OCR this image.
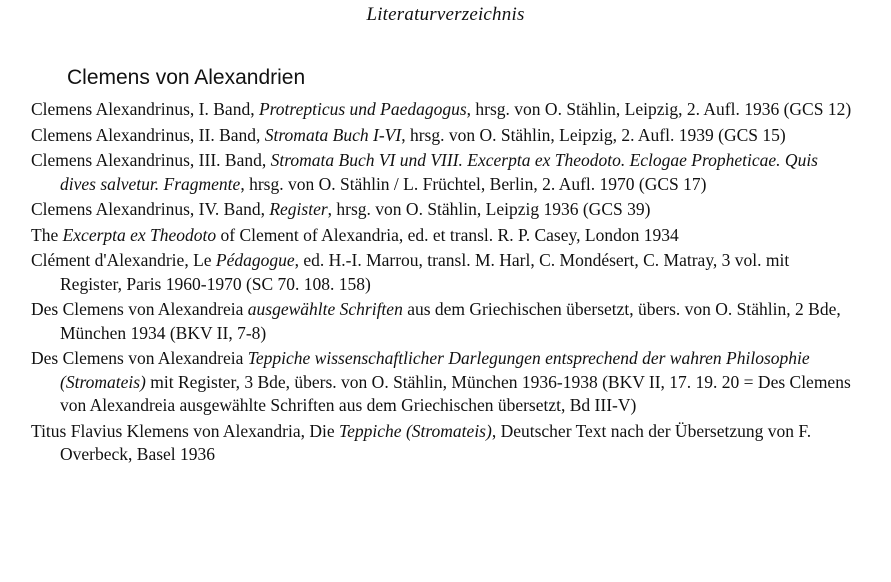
Literaturverzeichnis
Clemens von Alexandrien
Clemens Alexandrinus, I. Band, Protrepticus und Paedagogus, hrsg. von O. Stählin, Leipzig, 2. Aufl. 1936 (GCS 12)
Clemens Alexandrinus, II. Band, Stromata Buch I-VI, hrsg. von O. Stählin, Leipzig, 2. Aufl. 1939 (GCS 15)
Clemens Alexandrinus, III. Band, Stromata Buch VI und VIII. Excerpta ex Theodoto. Eclogae Propheticae. Quis dives salvetur. Fragmente, hrsg. von O. Stählin / L. Früchtel, Berlin, 2. Aufl. 1970 (GCS 17)
Clemens Alexandrinus, IV. Band, Register, hrsg. von O. Stählin, Leipzig 1936 (GCS 39)
The Excerpta ex Theodoto of Clement of Alexandria, ed. et transl. R. P. Casey, London 1934
Clément d'Alexandrie, Le Pédagogue, ed. H.-I. Marrou, transl. M. Harl, C. Mondésert, C. Matray, 3 vol. mit Register, Paris 1960-1970 (SC 70. 108. 158)
Des Clemens von Alexandreia ausgewählte Schriften aus dem Griechischen übersetzt, übers. von O. Stählin, 2 Bde, München 1934 (BKV II, 7-8)
Des Clemens von Alexandreia Teppiche wissenschaftlicher Darlegungen entsprechend der wahren Philosophie (Stromateis) mit Register, 3 Bde, übers. von O. Stählin, München 1936-1938 (BKV II, 17. 19. 20 = Des Clemens von Alexandreia ausgewählte Schriften aus dem Griechischen übersetzt, Bd III-V)
Titus Flavius Klemens von Alexandria, Die Teppiche (Stromateis), Deutscher Text nach der Übersetzung von F. Overbeck, Basel 1936
